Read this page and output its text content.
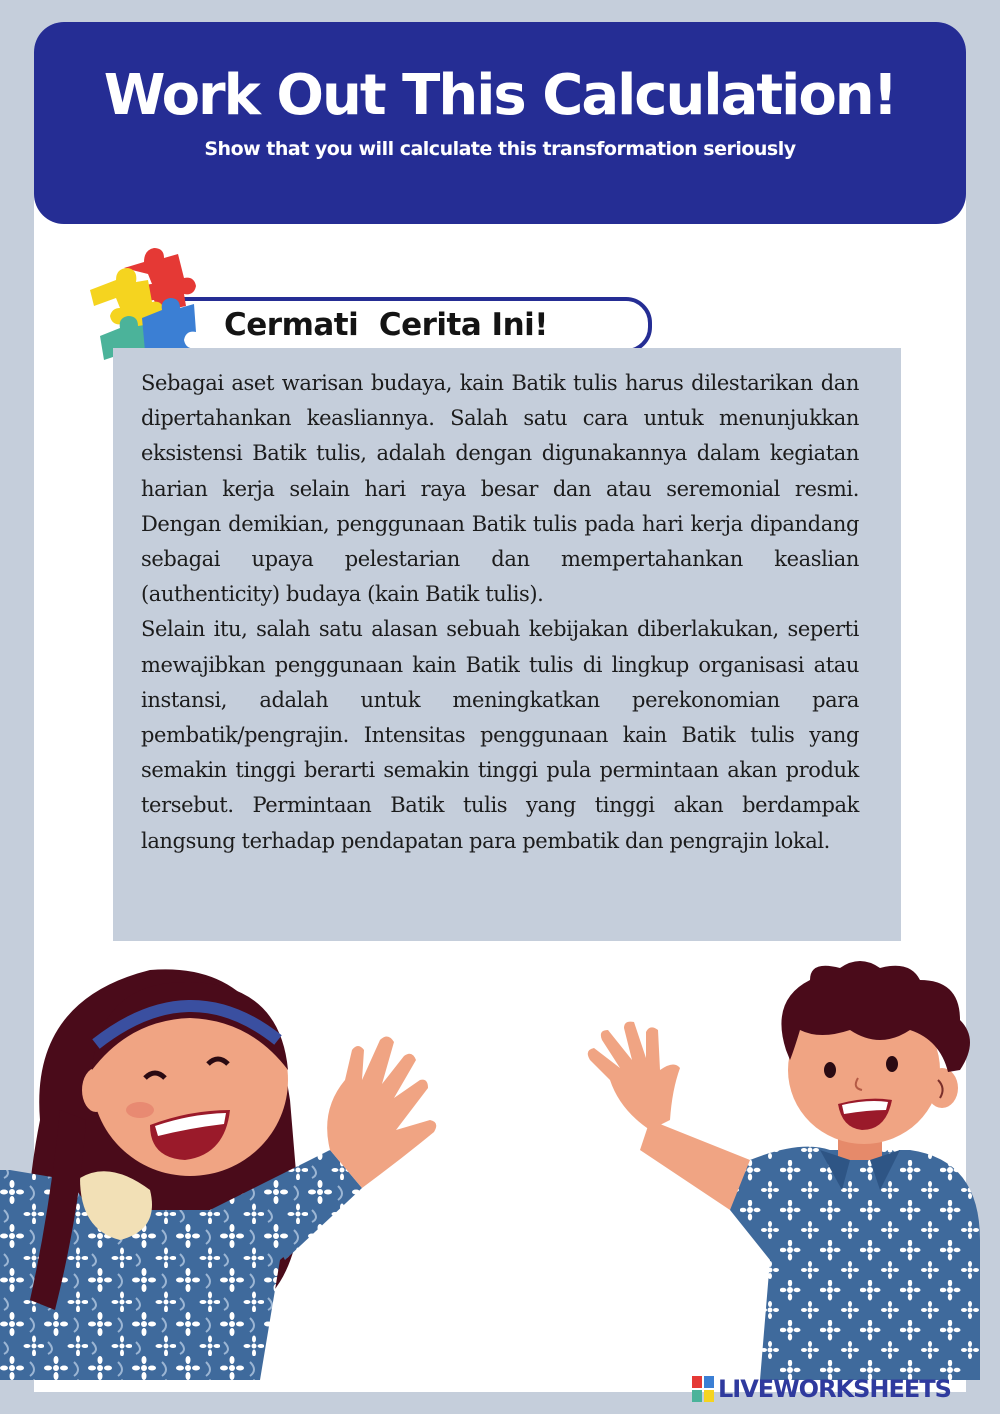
Work Out This Calculation!

Show that you will calculate this transformation seriously

Cermati  Cerita Ini!

Sebagai aset warisan budaya, kain Batik tulis harus dilestarikan dan dipertahankan keasliannya. Salah satu cara untuk menunjukkan eksistensi Batik tulis, adalah dengan digunakannya dalam kegiatan harian kerja selain hari raya besar dan atau seremonial resmi. Dengan demikian, penggunaan Batik tulis pada hari kerja dipandang sebagai upaya pelestarian dan mempertahankan keaslian (authenticity) budaya (kain Batik tulis).

Selain itu, salah satu alasan sebuah kebijakan diberlakukan, seperti mewajibkan penggunaan kain Batik tulis di lingkup organisasi atau instansi, adalah untuk meningkatkan perekonomian para pembatik/pengrajin. Intensitas penggunaan kain Batik tulis yang semakin tinggi berarti semakin tinggi pula permintaan akan produk tersebut. Permintaan Batik tulis yang tinggi akan berdampak langsung terhadap pendapatan para pembatik dan pengrajin lokal.

LIVEWORKSHEETS
